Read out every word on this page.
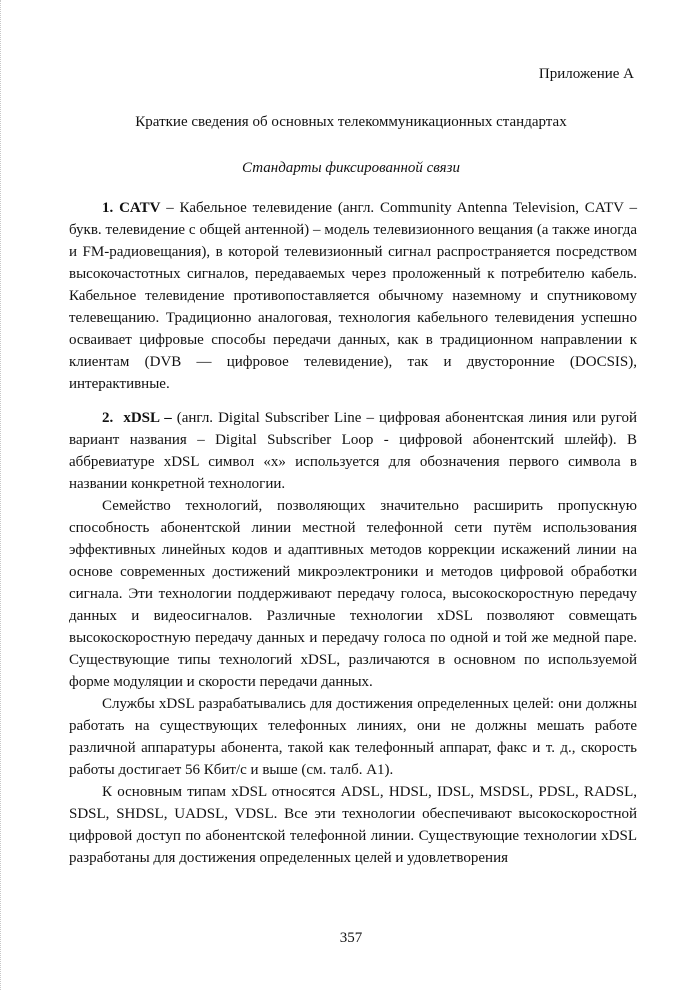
Приложение А
Краткие сведения об основных телекоммуникационных стандартах
Стандарты фиксированной связи

1. CATV – Кабельное телевидение (англ. Community Antenna Television, CATV – букв. телевидение с общей антенной) – модель телевизионного вещания (а также иногда и FM-радиовещания), в которой телевизионный сигнал распространяется посредством высокочастотных сигналов, передаваемых через проложенный к потребителю кабель. Кабельное телевидение противопоставляется обычному наземному и спутниковому телевещанию. Традиционно аналоговая, технология кабельного телевидения успешно осваивает цифровые способы передачи данных, как в традиционном направлении к клиентам (DVB — цифровое телевидение), так и двусторонние (DOCSIS), интерактивные.

2. xDSL – (англ. Digital Subscriber Line – цифровая абонентская линия или ругой вариант названия – Digital Subscriber Loop - цифровой абонентский шлейф). В аббревиатуре xDSL символ «х» используется для обозначения первого символа в названии конкретной технологии.

Семейство технологий, позволяющих значительно расширить пропускную способность абонентской линии местной телефонной сети путём использования эффективных линейных кодов и адаптивных методов коррекции искажений линии на основе современных достижений микроэлектроники и методов цифровой обработки сигнала. Эти технологии поддерживают передачу голоса, высокоскоростную передачу данных и видеосигналов. Различные технологии xDSL позволяют совмещать высокоскоростную передачу данных и передачу голоса по одной и той же медной паре. Существующие типы технологий xDSL, различаются в основном по используемой форме модуляции и скорости передачи данных.

Службы xDSL разрабатывались для достижения определенных целей: они должны работать на существующих телефонных линиях, они не должны мешать работе различной аппаратуры абонента, такой как телефонный аппарат, факс и т. д., скорость работы достигает 56 Кбит/с и выше (см. талб. А1).

К основным типам xDSL относятся ADSL, HDSL, IDSL, MSDSL, PDSL, RADSL, SDSL, SHDSL, UADSL, VDSL. Все эти технологии обеспечивают высокоскоростной цифровой доступ по абонентской телефонной линии. Существующие технологии xDSL разработаны для достижения определенных целей и удовлетворения

357
